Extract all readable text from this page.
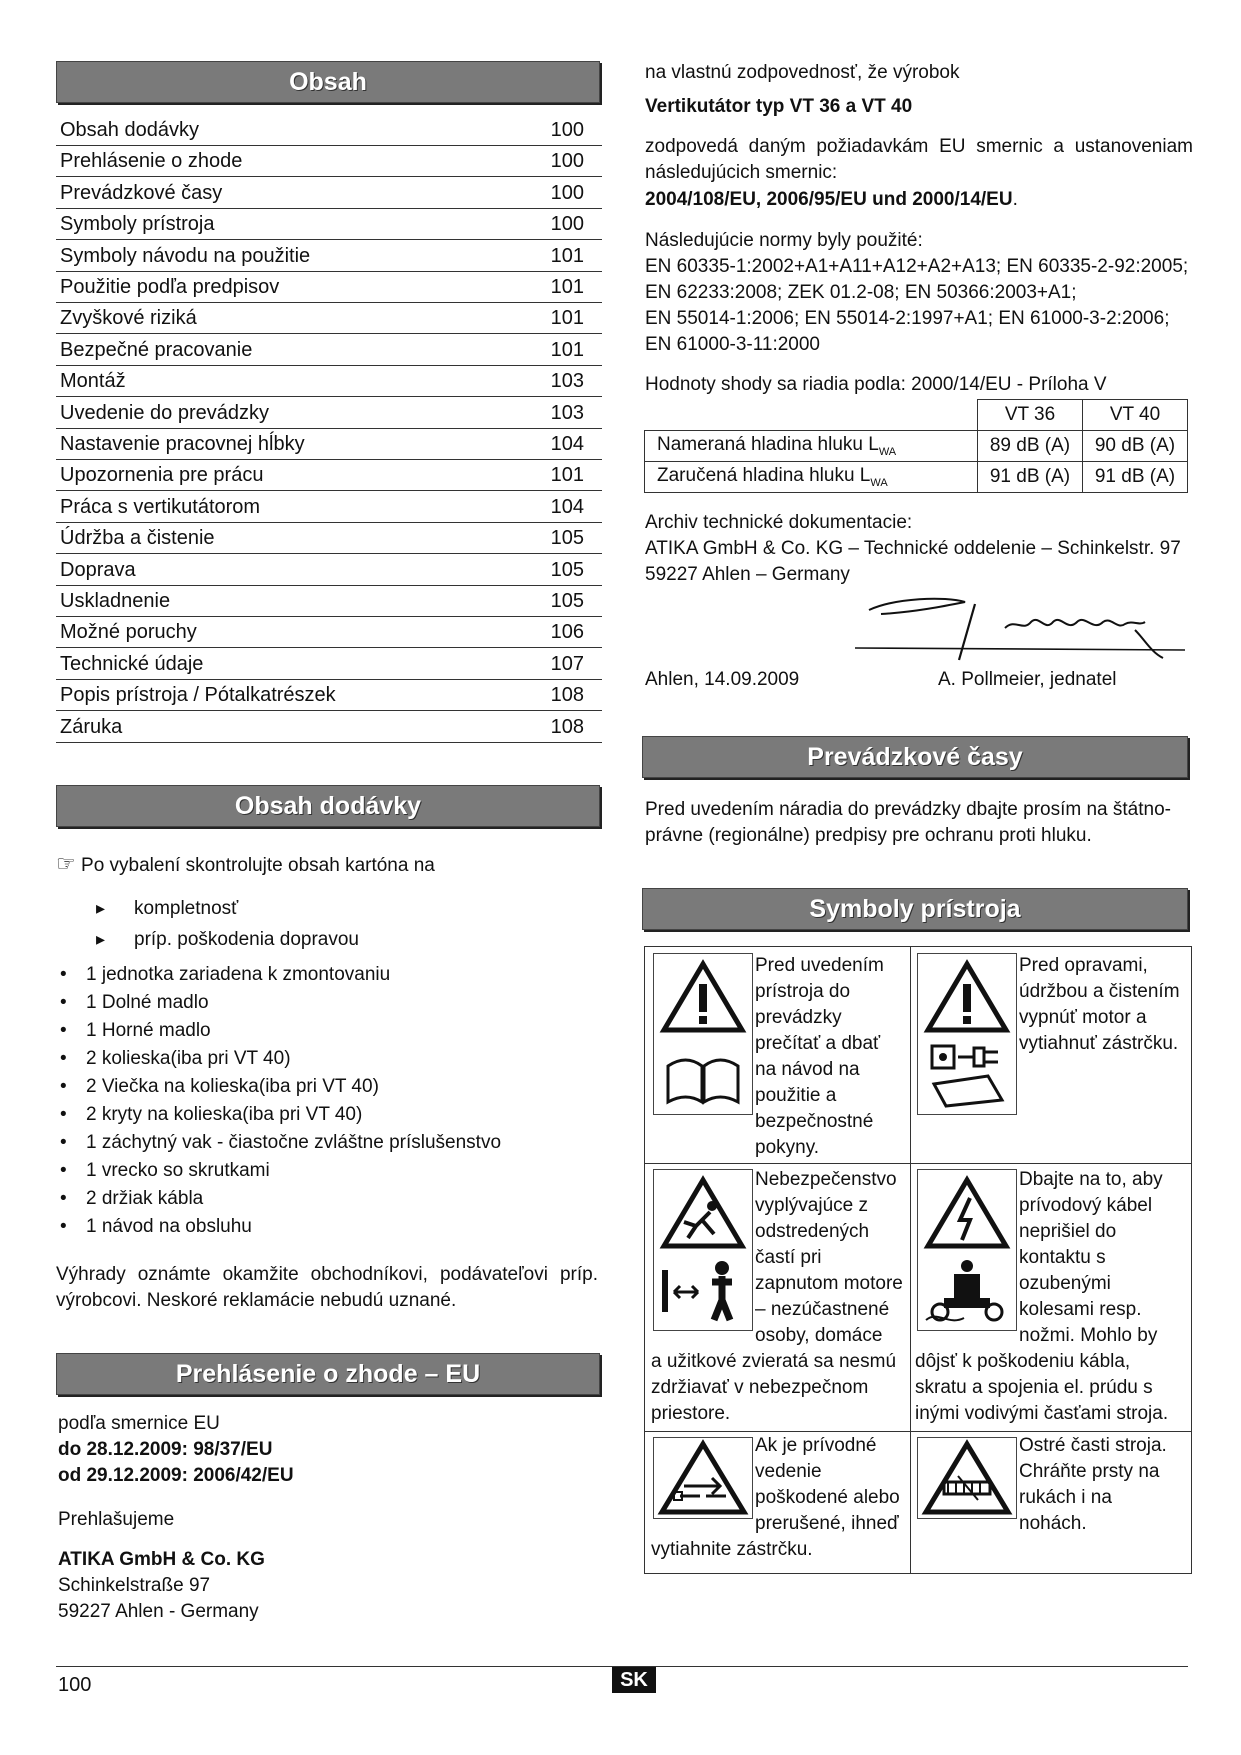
Obsah
Obsah dodávky	100
Prehlásenie o zhode	100
Prevádzkové časy	100
Symboly prístroja	100
Symboly návodu na použitie	101
Použitie podľa predpisov	101
Zvyškové riziká	101
Bezpečné pracovanie	101
Montáž	103
Uvedenie do prevádzky	103
Nastavenie pracovnej hĺbky	104
Upozornenia pre prácu	101
Práca s vertikutátorom	104
Údržba a čistenie	105
Doprava	105
Uskladnenie	105
Možné poruchy	106
Technické údaje	107
Popis prístroja / Pótalkatrészek	108
Záruka	108
Obsah dodávky
☞ Po vybalení skontrolujte obsah kartóna na
▸ kompletnosť
▸ príp. poškodenia dopravou
• 1 jednotka zariadena k zmontovaniu
• 1 Dolné madlo
• 1 Horné madlo
• 2 kolieska(iba pri VT 40)
• 2 Viečka na kolieska(iba pri VT 40)
• 2 kryty na kolieska(iba pri VT 40)
• 1 záchytný vak - čiastočne zvláštne príslušenstvo
• 1 vrecko so skrutkami
• 2 držiak kábla
• 1 návod na obsluhu
Výhrady oznámte okamžite obchodníkovi, podávateľovi príp. výrobcovi. Neskoré reklamácie nebudú uznané.
Prehlásenie o zhode – EU
podľa smernice EU
do 28.12.2009: 98/37/EU
od 29.12.2009: 2006/42/EU
Prehlašujeme
ATIKA GmbH & Co. KG
Schinkelstraße 97
59227 Ahlen - Germany
na vlastnú zodpovednosť, že výrobok
Vertikutátor typ VT 36 a VT 40
zodpovedá daným požiadavkám EU smernic a ustanoveniam následujúcich smernic:
2004/108/EU, 2006/95/EU und 2000/14/EU.
Následujúcie normy byly použité:
EN 60335-1:2002+A1+A11+A12+A2+A13; EN 60335-2-92:2005;
EN 62233:2008; ZEK 01.2-08; EN 50366:2003+A1;
EN 55014-1:2006; EN 55014-2:1997+A1; EN 61000-3-2:2006;
EN 61000-3-11:2000
Hodnoty shody sa riadia podla: 2000/14/EU - Príloha V
	VT 36	VT 40
Nameraná hladina hluku $L_{WA}$	89 dB (A)	90 dB (A)
Zaručená hladina hluku $L_{WA}$	91 dB (A)	91 dB (A)
Archiv technické dokumentacie:
ATIKA GmbH & Co. KG – Technické oddelenie – Schinkelstr. 97
59227 Ahlen – Germany
Ahlen, 14.09.2009	A. Pollmeier, jednatel
Prevádzkové časy
Pred uvedením náradia do prevádzky dbajte prosím na štátno-právne (regionálne) predpisy pre ochranu proti hluku.
Symboly prístroja
Pred uvedením
prístroja do
prevádzky
prečítať a dbať
na návod na
použitie a
bezpečnostné
pokyny.
Pred opravami,
údržbou a čistením
vypnúť motor a
vytiahnuť zástrčku.
Nebezpečenstvo
vyplývajúce z
odstredených
častí pri
zapnutom motore
– nezúčastnené
osoby, domáce
a užitkové zvieratá sa nesmú
zdržiavať v nebezpečnom
priestore.
Dbajte na to, aby
prívodový kábel
neprišiel do
kontaktu s
ozubenými
kolesami resp.
nožmi. Mohlo by
dôjsť k poškodeniu kábla,
skratu a spojenia el. prúdu s
inými vodivými časťami stroja.
Ak je prívodné
vedenie
poškodené alebo
prerušené, ihneď
vytiahnite zástrčku.
Ostré časti stroja.
Chráňte prsty na
rukách i na
nohách.
100	SK
